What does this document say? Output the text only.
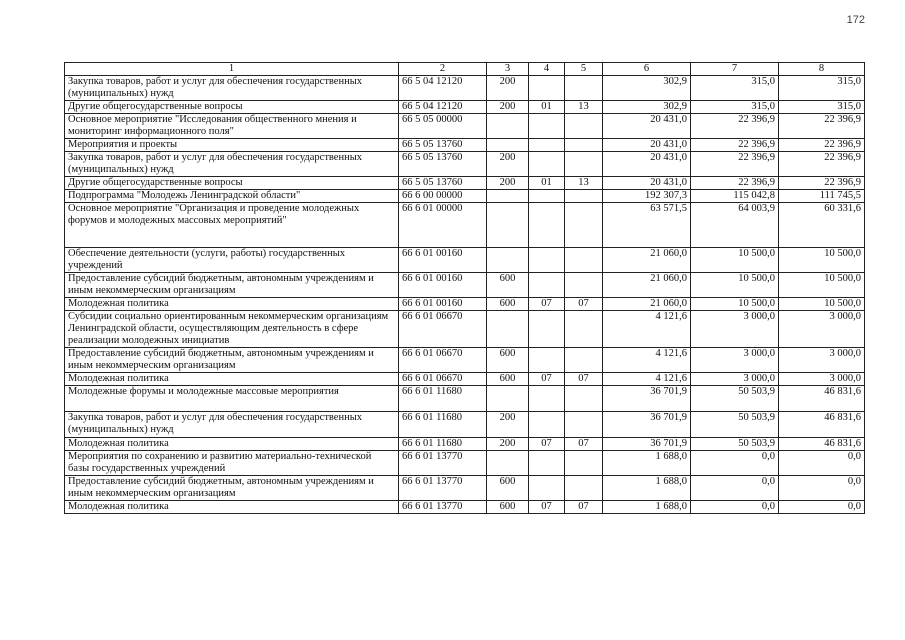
172
1	2	3	4	5	6	7	8
Закупка товаров, работ и услуг для обеспечения государственных (муниципальных) нужд	66 5 04 12120	200			302,9	315,0	315,0
Другие общегосударственные вопросы	66 5 04 12120	200	01	13	302,9	315,0	315,0
Основное мероприятие "Исследования общественного мнения и мониторинг информационного поля"	66 5 05 00000				20 431,0	22 396,9	22 396,9
Мероприятия и проекты	66 5 05 13760				20 431,0	22 396,9	22 396,9
Закупка товаров, работ и услуг для обеспечения государственных (муниципальных) нужд	66 5 05 13760	200			20 431,0	22 396,9	22 396,9
Другие общегосударственные вопросы	66 5 05 13760	200	01	13	20 431,0	22 396,9	22 396,9
Подпрограмма "Молодежь Ленинградской области"	66 6 00 00000				192 307,3	115 042,8	111 745,5
Основное мероприятие "Организация и проведение молодежных форумов и молодежных массовых мероприятий"	66 6 01 00000				63 571,5	64 003,9	60 331,6
Обеспечение деятельности (услуги, работы) государственных учреждений	66 6 01 00160				21 060,0	10 500,0	10 500,0
Предоставление субсидий бюджетным, автономным учреждениям и иным некоммерческим организациям	66 6 01 00160	600			21 060,0	10 500,0	10 500,0
Молодежная политика	66 6 01 00160	600	07	07	21 060,0	10 500,0	10 500,0
Субсидии социально ориентированным некоммерческим организациям Ленинградской области, осуществляющим деятельность в сфере реализации молодежных инициатив	66 6 01 06670				4 121,6	3 000,0	3 000,0
Предоставление субсидий бюджетным, автономным учреждениям и иным некоммерческим организациям	66 6 01 06670	600			4 121,6	3 000,0	3 000,0
Молодежная политика	66 6 01 06670	600	07	07	4 121,6	3 000,0	3 000,0
Молодежные форумы и молодежные массовые мероприятия	66 6 01 11680				36 701,9	50 503,9	46 831,6
Закупка товаров, работ и услуг для обеспечения государственных (муниципальных) нужд	66 6 01 11680	200			36 701,9	50 503,9	46 831,6
Молодежная политика	66 6 01 11680	200	07	07	36 701,9	50 503,9	46 831,6
Мероприятия по сохранению и развитию материально-технической базы государственных учреждений	66 6 01 13770				1 688,0	0,0	0,0
Предоставление субсидий бюджетным, автономным учреждениям и иным некоммерческим организациям	66 6 01 13770	600			1 688,0	0,0	0,0
Молодежная политика	66 6 01 13770	600	07	07	1 688,0	0,0	0,0
